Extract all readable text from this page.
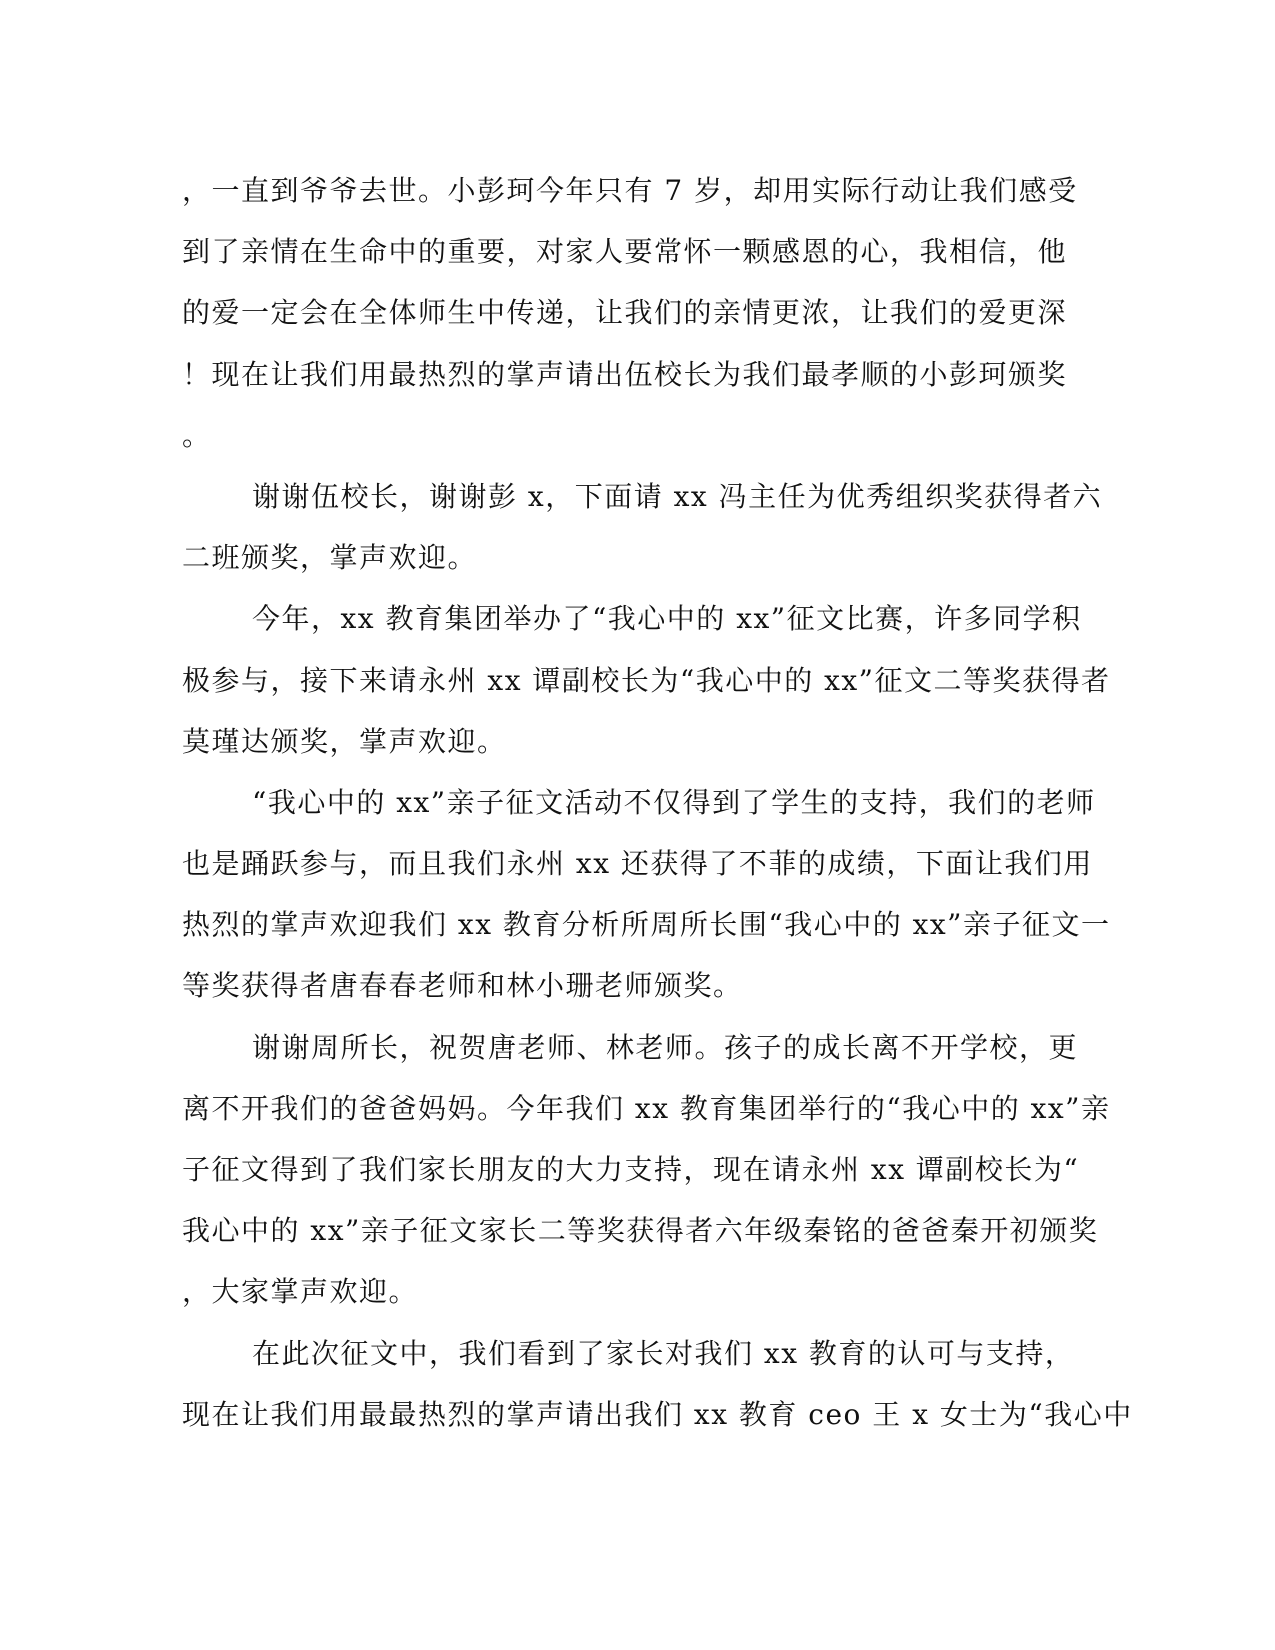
，一直到爷爷去世。小彭珂今年只有 7 岁，却用实际行动让我们感受
到了亲情在生命中的重要，对家人要常怀一颗感恩的心，我相信，他
的爱一定会在全体师生中传递，让我们的亲情更浓，让我们的爱更深
！现在让我们用最热烈的掌声请出伍校长为我们最孝顺的小彭珂颁奖
。
谢谢伍校长，谢谢彭 x，下面请 xx 冯主任为优秀组织奖获得者六
二班颁奖，掌声欢迎。
今年，xx 教育集团举办了“我心中的 xx”征文比赛，许多同学积
极参与，接下来请永州 xx 谭副校长为“我心中的 xx”征文二等奖获得者
莫瑾达颁奖，掌声欢迎。
“我心中的 xx”亲子征文活动不仅得到了学生的支持，我们的老师
也是踊跃参与，而且我们永州 xx 还获得了不菲的成绩，下面让我们用
热烈的掌声欢迎我们 xx 教育分析所周所长围“我心中的 xx”亲子征文一
等奖获得者唐春春老师和林小珊老师颁奖。
谢谢周所长，祝贺唐老师、林老师。孩子的成长离不开学校，更
离不开我们的爸爸妈妈。今年我们 xx 教育集团举行的“我心中的 xx”亲
子征文得到了我们家长朋友的大力支持，现在请永州 xx 谭副校长为“
我心中的 xx”亲子征文家长二等奖获得者六年级秦铭的爸爸秦开初颁奖
，大家掌声欢迎。
在此次征文中，我们看到了家长对我们 xx 教育的认可与支持，
现在让我们用最最热烈的掌声请出我们 xx 教育 ceo 王 x 女士为“我心中
